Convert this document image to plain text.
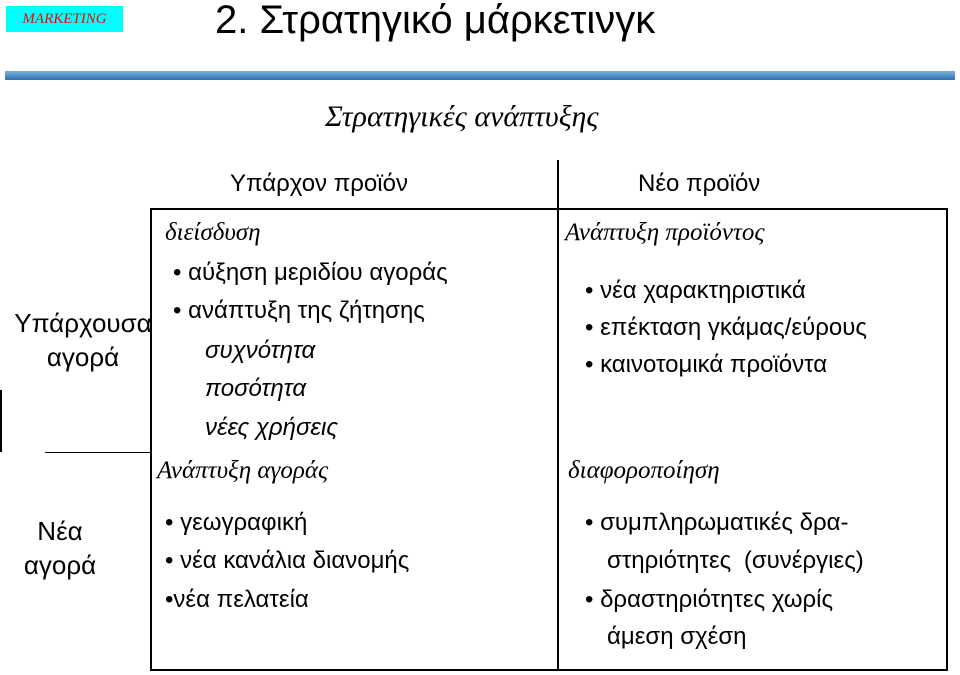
MARKETING	2. Στρατηγικό μάρκετινγκ
Στρατηγικές ανάπτυξης
Υπάρχον προϊόν	Νέο προϊόν
Υπάρχουσα
αγορά
Νέα
αγορά
διείσδυση
• αύξηση μεριδίου αγοράς
• ανάπτυξη της ζήτησης
συχνότητα
ποσότητα
νέες χρήσεις
Ανάπτυξη προϊόντος
• νέα χαρακτηριστικά
• επέκταση γκάμας/εύρους
• καινοτομικά προϊόντα
Ανάπτυξη αγοράς
• γεωγραφική
• νέα κανάλια διανομής
•νέα πελατεία
διαφοροποίηση
• συμπληρωματικές δρα-
στηριότητες (συνέργιες)
• δραστηριότητες χωρίς
άμεση σχέση
